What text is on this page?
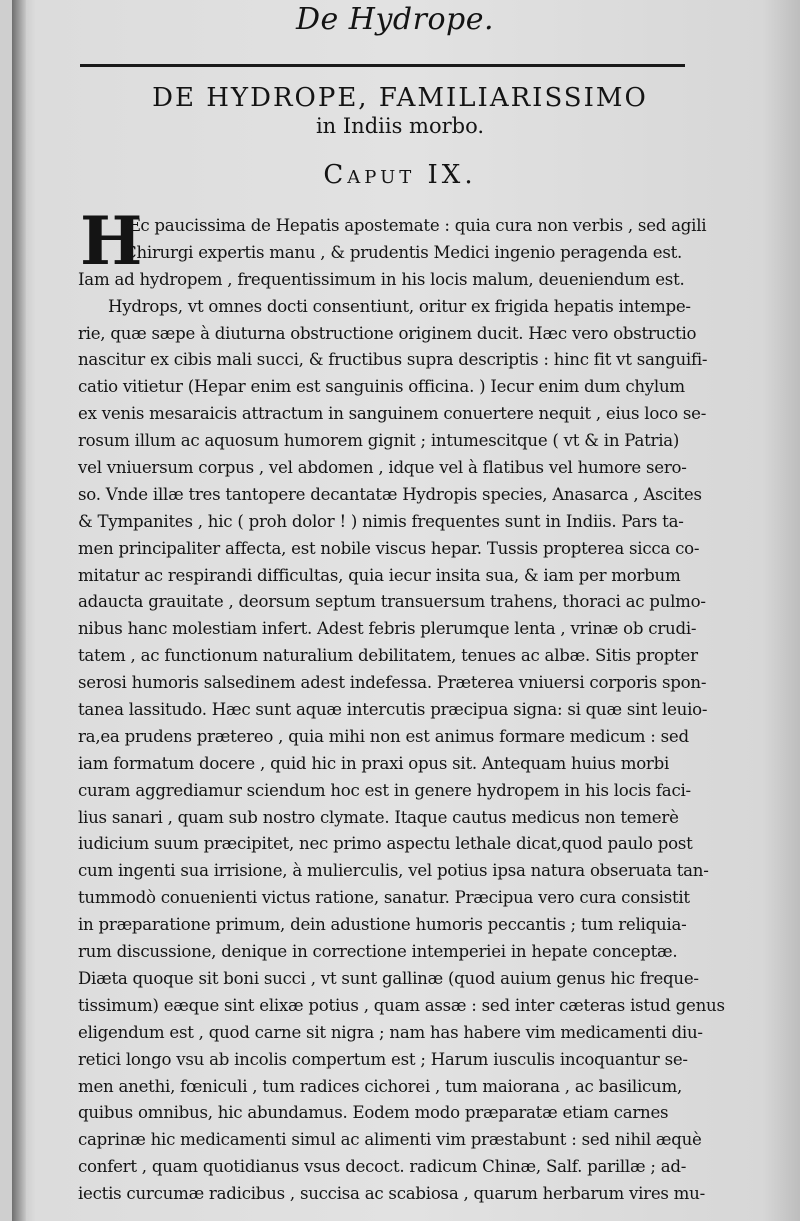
De Hydrope.
DE HYDROPE, FAMILIARISSIMO
in Indiis morbo.
Caput IX.
H
Æc paucissima de Hepatis apostemate : quia cura non verbis , sed agili
Chirurgi expertis manu , & prudentis Medici ingenio peragenda est.
Iam ad hydropem , frequentissimum in his locis malum, deueniendum est.
Hydrops, vt omnes docti consentiunt, oritur ex frigida hepatis intempe-
rie, quæ sæpe à diuturna obstructione originem ducit. Hæc vero obstructio
nascitur ex cibis mali succi, & fructibus supra descriptis : hinc fit vt sanguifi-
catio vitietur (Hepar enim est sanguinis officina. ) Iecur enim dum chylum
ex venis mesaraicis attractum in sanguinem conuertere nequit , eius loco se-
rosum illum ac aquosum humorem gignit ; intumescitque ( vt & in Patria)
vel vniuersum corpus , vel abdomen , idque vel à flatibus vel humore sero-
so. Vnde illæ tres tantopere decantatæ Hydropis species, Anasarca , Ascites
& Tympanites , hic ( proh dolor ! ) nimis frequentes sunt in Indiis. Pars ta-
men principaliter affecta, est nobile viscus hepar. Tussis propterea sicca co-
mitatur ac respirandi difficultas, quia iecur insita sua, & iam per morbum
adaucta grauitate , deorsum septum transuersum trahens, thoraci ac pulmo-
nibus hanc molestiam infert. Adest febris plerumque lenta , vrinæ ob crudi-
tatem , ac functionum naturalium debilitatem, tenues ac albæ. Sitis propter
serosi humoris salsedinem adest indefessa. Præterea vniuersi corporis spon-
tanea lassitudo. Hæc sunt aquæ intercutis præcipua signa: si quæ sint leuio-
ra,ea prudens prætereo , quia mihi non est animus formare medicum : sed
iam formatum docere , quid hic in praxi opus sit. Antequam huius morbi
curam aggrediamur sciendum hoc est in genere hydropem in his locis faci-
lius sanari , quam sub nostro clymate. Itaque cautus medicus non temerè
iudicium suum præcipitet, nec primo aspectu lethale dicat,quod paulo post
cum ingenti sua irrisione, à mulierculis, vel potius ipsa natura obseruata tan-
tummodò conuenienti victus ratione, sanatur. Præcipua vero cura consistit
in præparatione primum, dein adustione humoris peccantis ; tum reliquia-
rum discussione, denique in correctione intemperiei in hepate conceptæ.
Diæta quoque sit boni succi , vt sunt gallinæ (quod auium genus hic freque-
tissimum) eæque sint elixæ potius , quam assæ : sed inter cæteras istud genus
eligendum est , quod carne sit nigra ; nam has habere vim medicamenti diu-
retici longo vsu ab incolis compertum est ; Harum iusculis incoquantur se-
men anethi, fœniculi , tum radices cichorei , tum maiorana , ac basilicum,
quibus omnibus, hic abundamus. Eodem modo præparatæ etiam carnes
caprinæ hic medicamenti simul ac alimenti vim præstabunt : sed nihil æquè
confert , quam quotidianus vsus decoct. radicum Chinæ, Salf. parillæ ; ad-
iectis curcumæ radicibus , succisa ac scabiosa , quarum herbarum vires mu-
